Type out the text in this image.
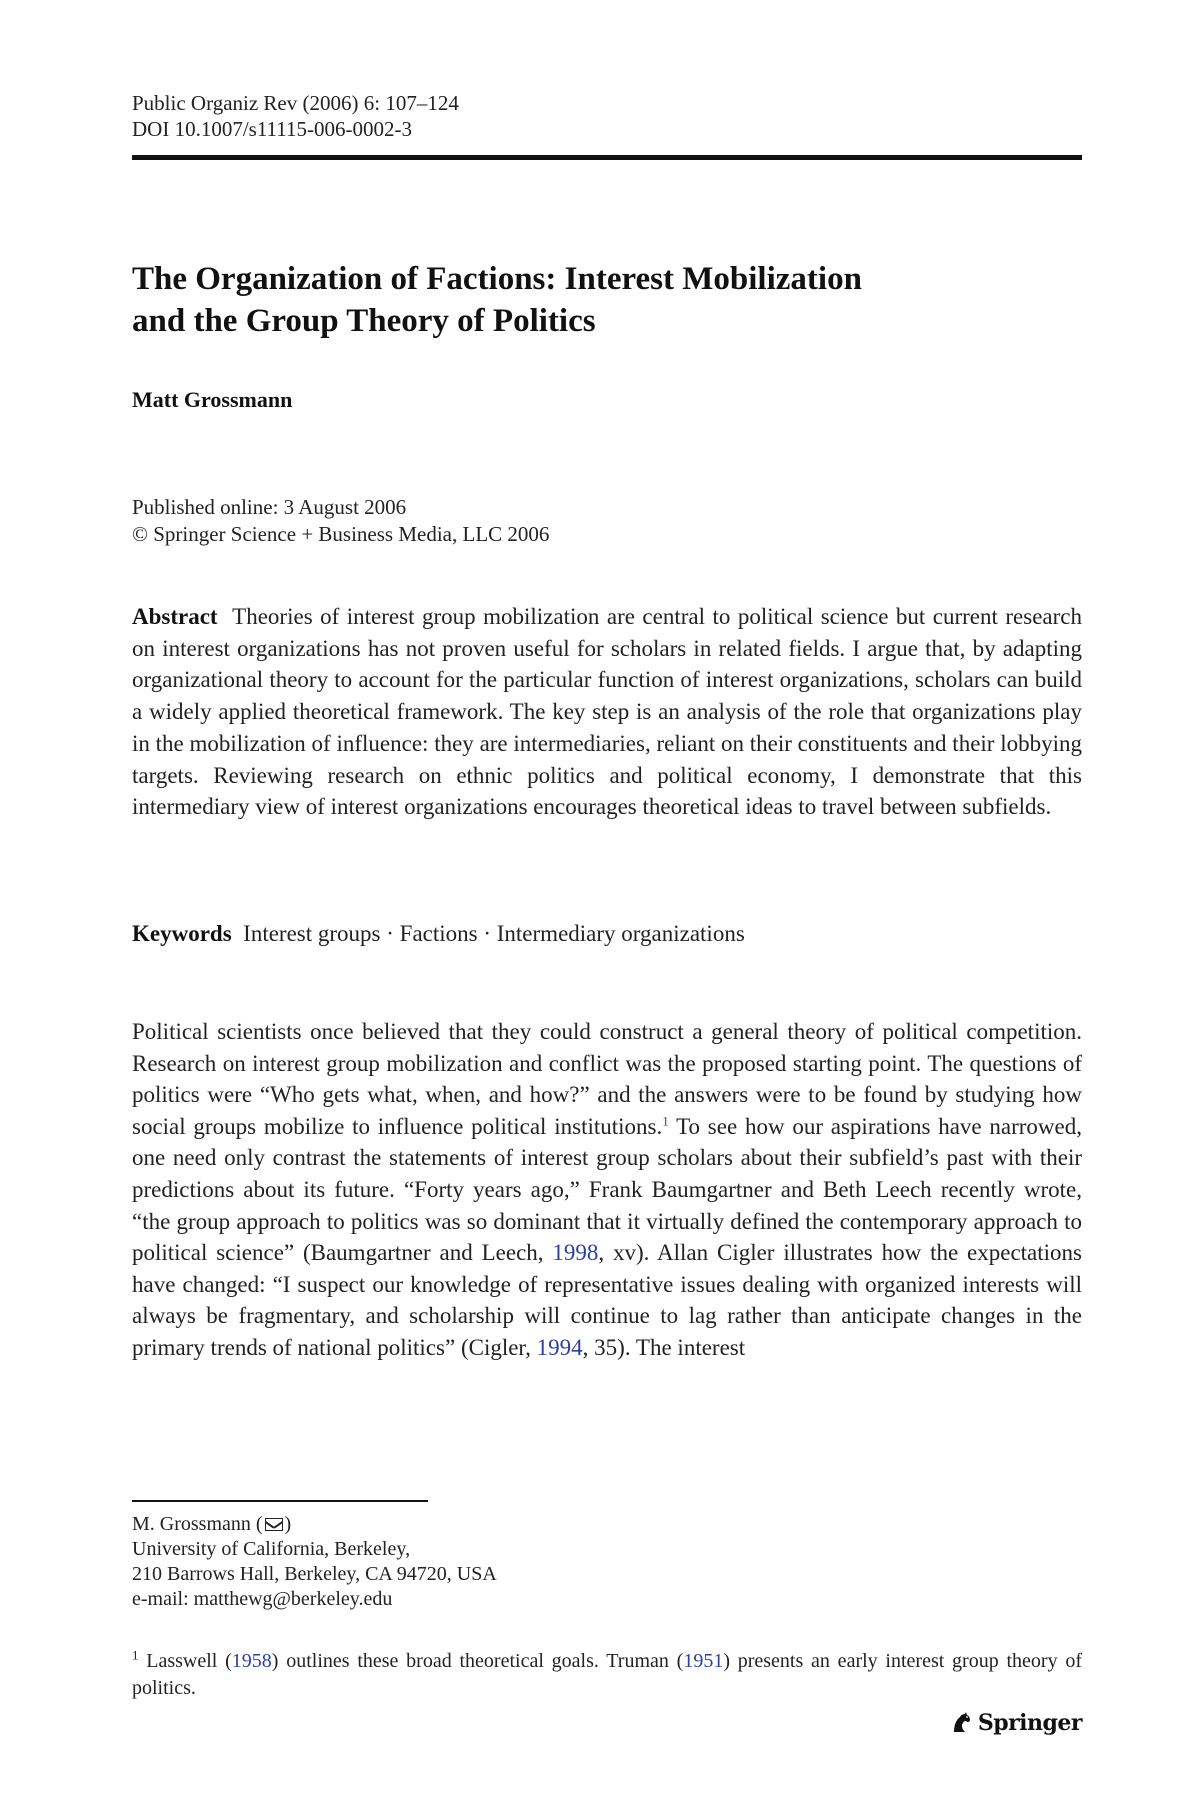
Public Organiz Rev (2006) 6: 107–124
DOI 10.1007/s11115-006-0002-3
The Organization of Factions: Interest Mobilization
and the Group Theory of Politics
Matt Grossmann
Published online: 3 August 2006
© Springer Science + Business Media, LLC 2006

Abstract Theories of interest group mobilization are central to political science but current research on interest organizations has not proven useful for scholars in related fields. I argue that, by adapting organizational theory to account for the particular function of interest organizations, scholars can build a widely applied theoretical framework. The key step is an analysis of the role that organizations play in the mobilization of influence: they are intermediaries, reliant on their constituents and their lobbying targets. Reviewing research on ethnic politics and political economy, I demonstrate that this intermediary view of interest organizations encourages theoretical ideas to travel between subfields.

Keywords Interest groups · Factions · Intermediary organizations

Political scientists once believed that they could construct a general theory of political competition. Research on interest group mobilization and conflict was the proposed starting point. The questions of politics were “Who gets what, when, and how?” and the answers were to be found by studying how social groups mobilize to influence political institutions.$^1$ To see how our aspirations have narrowed, one need only contrast the statements of interest group scholars about their subfield’s past with their predictions about its future. “Forty years ago,” Frank Baumgartner and Beth Leech recently wrote, “the group approach to politics was so dominant that it virtually defined the contemporary approach to political science” (Baumgartner and Leech, 1998, xv). Allan Cigler illustrates how the expectations have changed: “I suspect our knowledge of representative issues dealing with organized interests will always be fragmentary, and scholarship will continue to lag rather than anticipate changes in the primary trends of national politics” (Cigler, 1994, 35). The interest

M. Grossmann ( )
University of California, Berkeley,
210 Barrows Hall, Berkeley, CA 94720, USA
e-mail: matthewg@berkeley.edu

$^1$ Lasswell (1958) outlines these broad theoretical goals. Truman (1951) presents an early interest group theory of politics.

Springer
